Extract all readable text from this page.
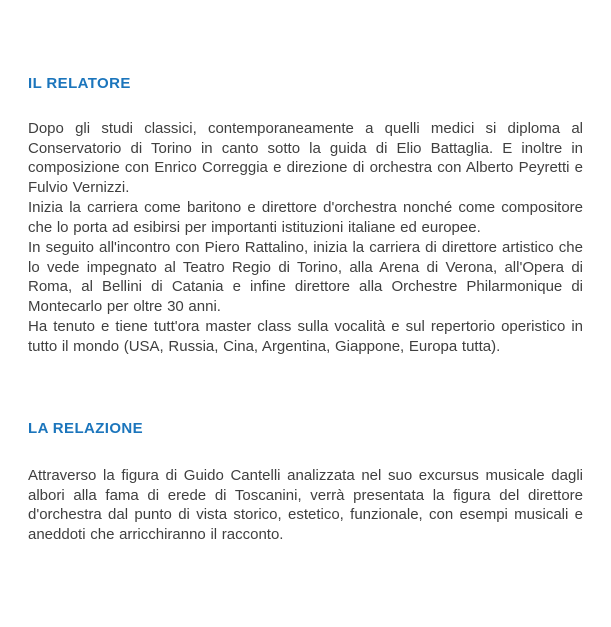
IL RELATORE

Dopo gli studi classici, contemporaneamente a quelli medici si diploma al Conservatorio di Torino in canto sotto la guida di Elio Battaglia. E inoltre in composizione con Enrico Correggia e direzione di orchestra con Alberto Peyretti e Fulvio Vernizzi.

Inizia la carriera come baritono e direttore d'orchestra nonché come compositore che lo porta ad esibirsi per importanti istituzioni italiane ed europee.

In seguito all'incontro con Piero Rattalino, inizia la carriera di direttore artistico che lo vede impegnato al Teatro Regio di Torino, alla Arena di Verona, all'Opera di Roma, al Bellini di Catania e infine direttore alla Orchestre Philarmonique di Montecarlo per oltre 30 anni.

Ha tenuto e tiene tutt'ora master class sulla vocalità e sul repertorio operistico in tutto il mondo (USA, Russia, Cina, Argentina, Giappone, Europa tutta).

LA RELAZIONE

Attraverso la figura di Guido Cantelli analizzata nel suo excursus musicale dagli albori alla fama di erede di Toscanini, verrà presentata la figura del direttore d'orchestra dal punto di vista storico, estetico, funzionale, con esempi musicali e aneddoti che arricchiranno il racconto.
